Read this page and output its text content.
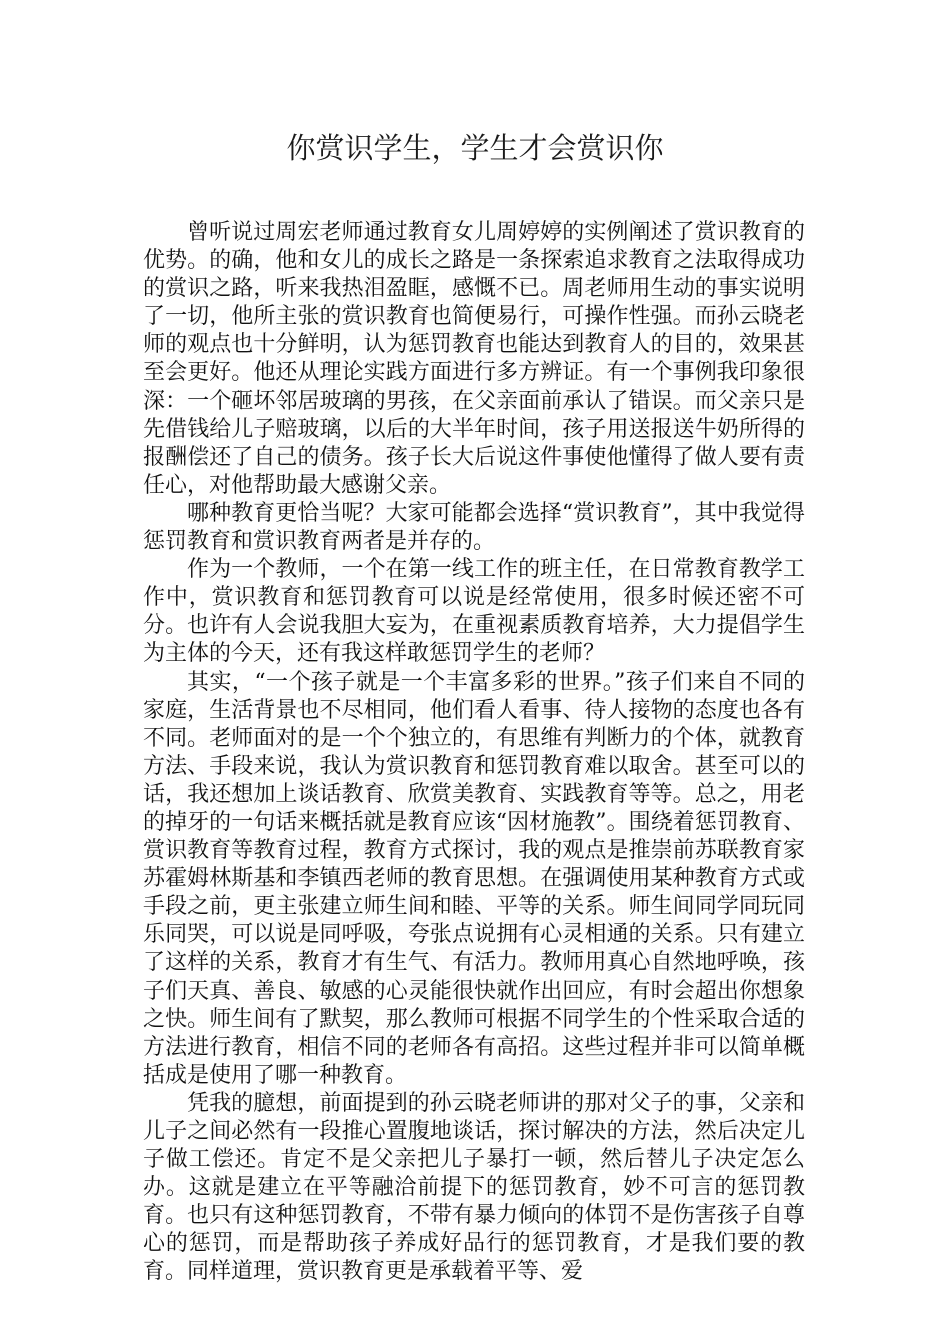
你赏识学生，学生才会赏识你

曾听说过周宏老师通过教育女儿周婷婷的实例阐述了赏识教育的优势。的确，他和女儿的成长之路是一条探索追求教育之法取得成功的赏识之路，听来我热泪盈眶，感慨不已。周老师用生动的事实说明了一切，他所主张的赏识教育也简便易行，可操作性强。而孙云晓老师的观点也十分鲜明，认为惩罚教育也能达到教育人的目的，效果甚至会更好。他还从理论实践方面进行多方辨证。有一个事例我印象很深：一个砸坏邻居玻璃的男孩，在父亲面前承认了错误。而父亲只是先借钱给儿子赔玻璃，以后的大半年时间，孩子用送报送牛奶所得的报酬偿还了自己的债务。孩子长大后说这件事使他懂得了做人要有责任心，对他帮助最大感谢父亲。

哪种教育更恰当呢？大家可能都会选择“赏识教育”，其中我觉得惩罚教育和赏识教育两者是并存的。

作为一个教师，一个在第一线工作的班主任，在日常教育教学工作中，赏识教育和惩罚教育可以说是经常使用，很多时候还密不可分。也许有人会说我胆大妄为，在重视素质教育培养，大力提倡学生为主体的今天，还有我这样敢惩罚学生的老师？

其实，“一个孩子就是一个丰富多彩的世界。”孩子们来自不同的家庭，生活背景也不尽相同，他们看人看事、待人接物的态度也各有不同。老师面对的是一个个独立的，有思维有判断力的个体，就教育方法、手段来说，我认为赏识教育和惩罚教育难以取舍。甚至可以的话，我还想加上谈话教育、欣赏美教育、实践教育等等。总之，用老的掉牙的一句话来概括就是教育应该“因材施教”。围绕着惩罚教育、赏识教育等教育过程，教育方式探讨，我的观点是推崇前苏联教育家苏霍姆林斯基和李镇西老师的教育思想。在强调使用某种教育方式或手段之前，更主张建立师生间和睦、平等的关系。师生间同学同玩同乐同哭，可以说是同呼吸，夸张点说拥有心灵相通的关系。只有建立了这样的关系，教育才有生气、有活力。教师用真心自然地呼唤，孩子们天真、善良、敏感的心灵能很快就作出回应，有时会超出你想象之快。师生间有了默契，那么教师可根据不同学生的个性采取合适的方法进行教育，相信不同的老师各有高招。这些过程并非可以简单概括成是使用了哪一种教育。

凭我的臆想，前面提到的孙云晓老师讲的那对父子的事，父亲和儿子之间必然有一段推心置腹地谈话，探讨解决的方法，然后决定儿子做工偿还。肯定不是父亲把儿子暴打一顿，然后替儿子决定怎么办。这就是建立在平等融洽前提下的惩罚教育，妙不可言的惩罚教育。也只有这种惩罚教育，不带有暴力倾向的体罚不是伤害孩子自尊心的惩罚，而是帮助孩子养成好品行的惩罚教育，才是我们要的教育。同样道理，赏识教育更是承载着平等、爱
